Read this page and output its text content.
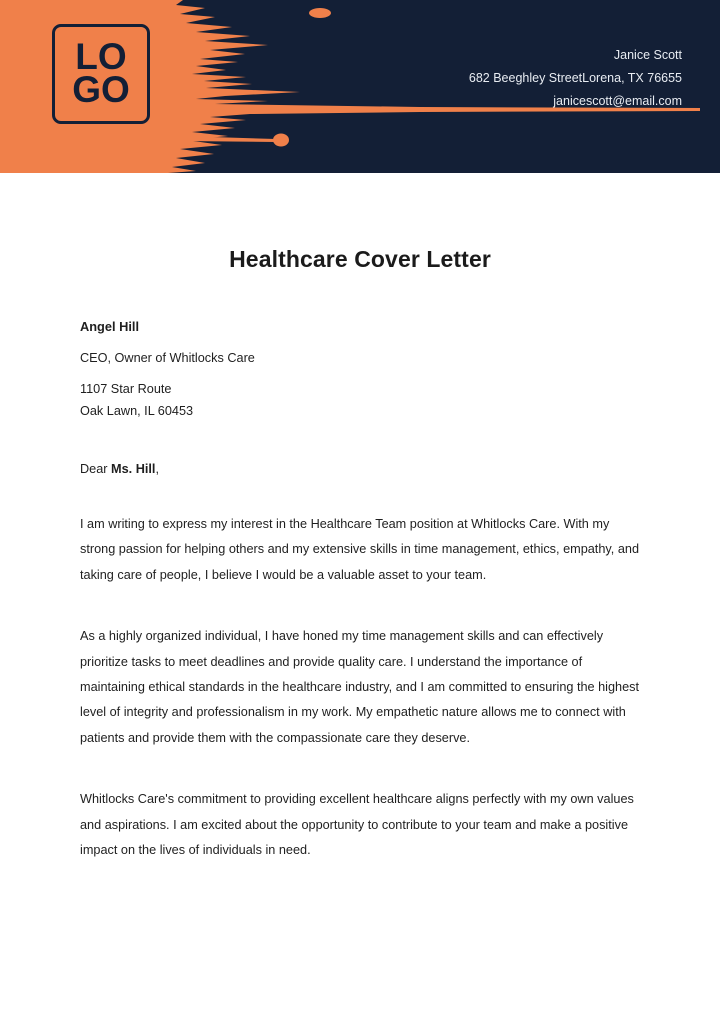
LO
GO
Janice Scott
682 Beeghley StreetLorena, TX 76655
janicescott@email.com
Healthcare Cover Letter
Angel Hill
CEO, Owner of Whitlocks Care
1107 Star Route
Oak Lawn, IL 60453
Dear Ms. Hill,

I am writing to express my interest in the Healthcare Team position at Whitlocks Care. With my strong passion for helping others and my extensive skills in time management, ethics, empathy, and taking care of people, I believe I would be a valuable asset to your team.

As a highly organized individual, I have honed my time management skills and can effectively prioritize tasks to meet deadlines and provide quality care. I understand the importance of maintaining ethical standards in the healthcare industry, and I am committed to ensuring the highest level of integrity and professionalism in my work. My empathetic nature allows me to connect with patients and provide them with the compassionate care they deserve.

Whitlocks Care's commitment to providing excellent healthcare aligns perfectly with my own values and aspirations. I am excited about the opportunity to contribute to your team and make a positive impact on the lives of individuals in need.
